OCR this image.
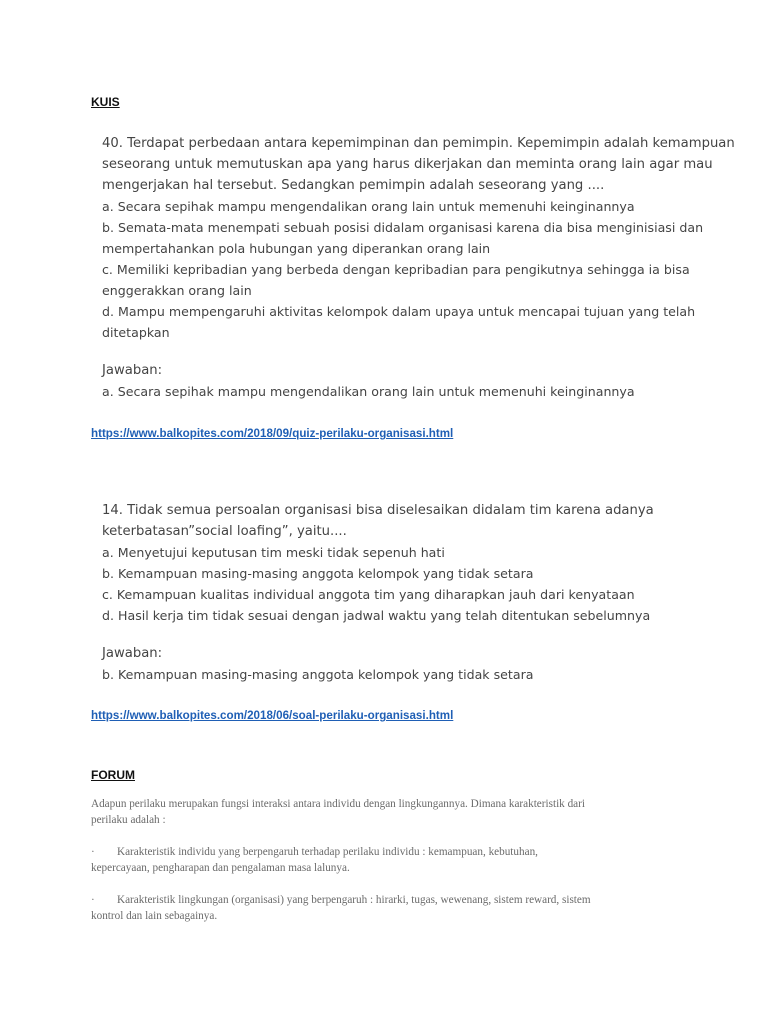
KUIS
40. Terdapat perbedaan antara kepemimpinan dan pemimpin. Kepemimpin adalah kemampuan
seseorang untuk memutuskan apa yang harus dikerjakan dan meminta orang lain agar mau
mengerjakan hal tersebut. Sedangkan pemimpin adalah seseorang yang ....
a. Secara sepihak mampu mengendalikan orang lain untuk memenuhi keinginannya
b. Semata-mata menempati sebuah posisi didalam organisasi karena dia bisa menginisiasi dan
mempertahankan pola hubungan yang diperankan orang lain
c. Memiliki kepribadian yang berbeda dengan kepribadian para pengikutnya sehingga ia bisa
enggerakkan orang lain
d. Mampu mempengaruhi aktivitas kelompok dalam upaya untuk mencapai tujuan yang telah
ditetapkan
Jawaban:
a. Secara sepihak mampu mengendalikan orang lain untuk memenuhi keinginannya
https://www.balkopites.com/2018/09/quiz-perilaku-organisasi.html
14. Tidak semua persoalan organisasi bisa diselesaikan didalam tim karena adanya
keterbatasan”social loafing”, yaitu....
a. Menyetujui keputusan tim meski tidak sepenuh hati
b. Kemampuan masing-masing anggota kelompok yang tidak setara
c. Kemampuan kualitas individual anggota tim yang diharapkan jauh dari kenyataan
d. Hasil kerja tim tidak sesuai dengan jadwal waktu yang telah ditentukan sebelumnya
Jawaban:
b. Kemampuan masing-masing anggota kelompok yang tidak setara
https://www.balkopites.com/2018/06/soal-perilaku-organisasi.html
FORUM

Adapun perilaku merupakan fungsi interaksi antara individu dengan lingkungannya. Dimana karakteristik dari

perilaku adalah :

· Karakteristik individu yang berpengaruh terhadap perilaku individu : kemampuan, kebutuhan,

kepercayaan, pengharapan dan pengalaman masa lalunya.

· Karakteristik lingkungan (organisasi) yang berpengaruh : hirarki, tugas, wewenang, sistem reward, sistem

kontrol dan lain sebagainya.
